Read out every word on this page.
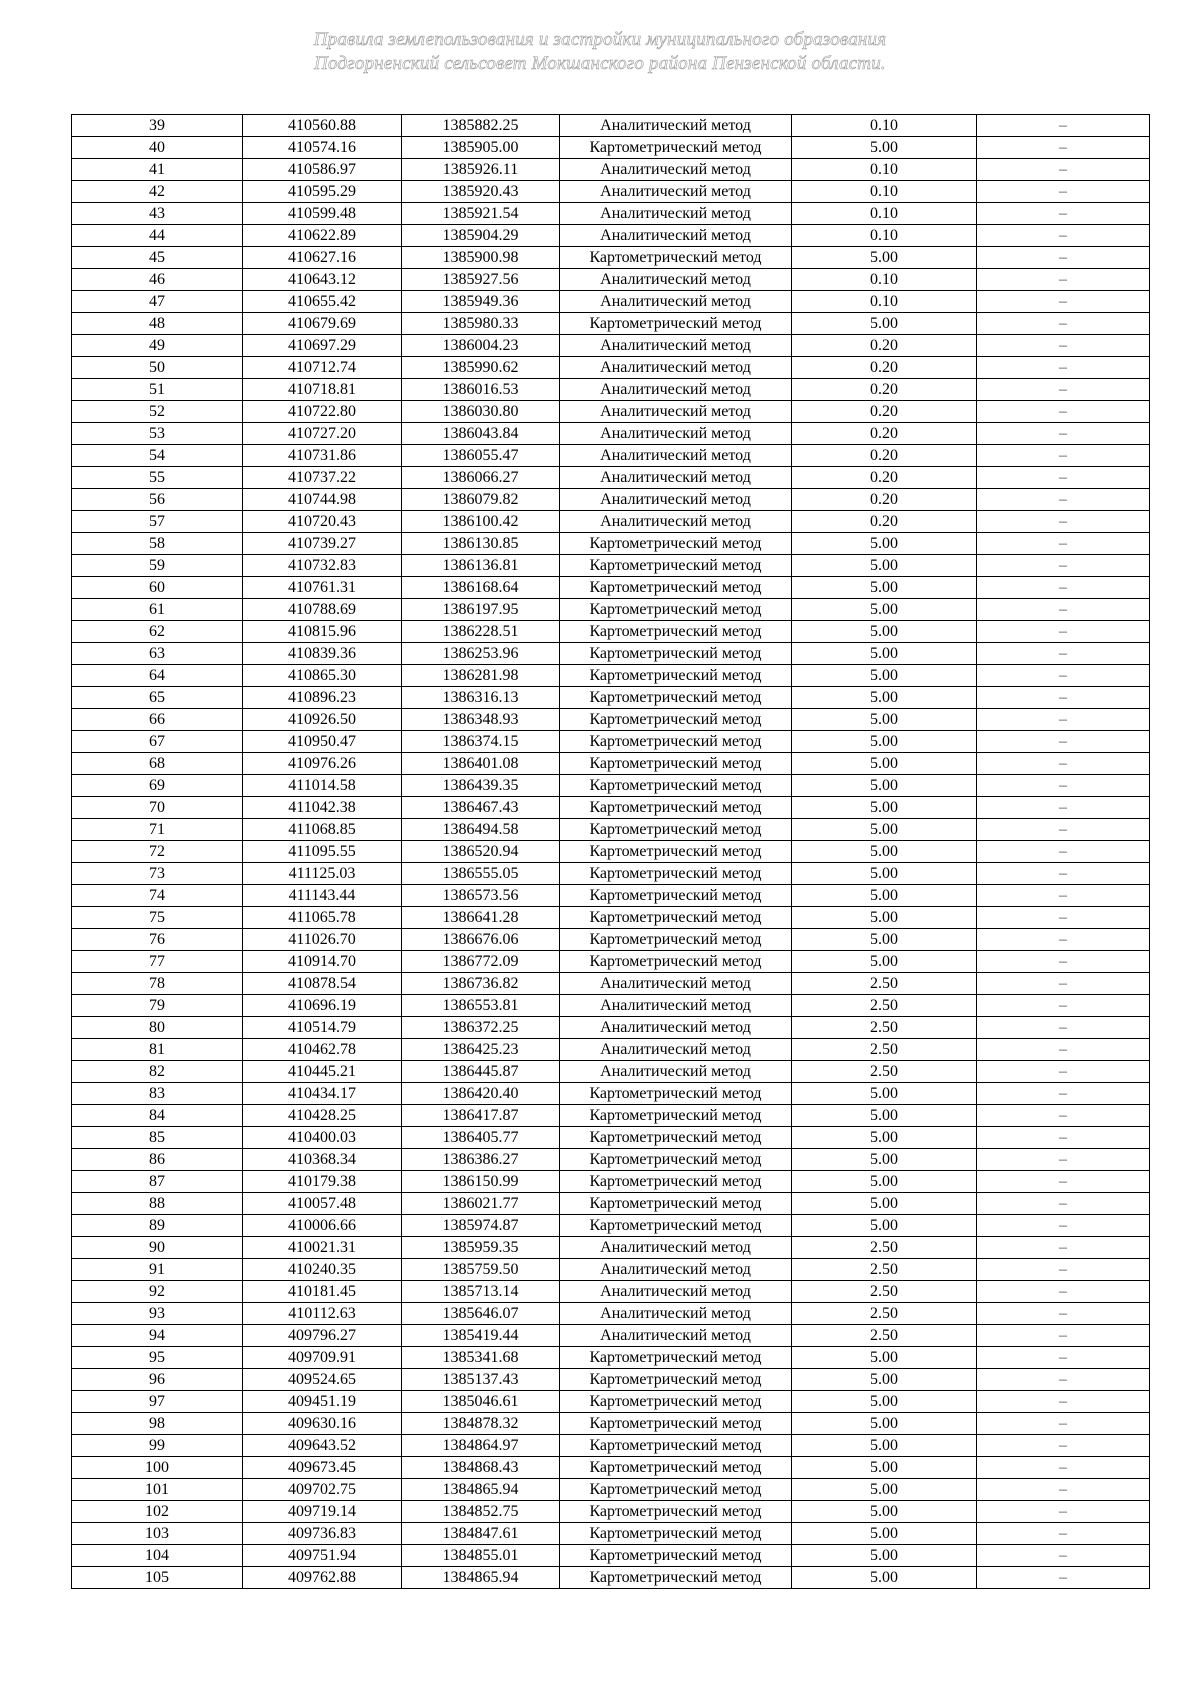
Правила землепользования и застройки муниципального образования
Подгорненский сельсовет Мокшанского района Пензенской области.
39	410560.88	1385882.25	Аналитический метод	0.10	–
40	410574.16	1385905.00	Картометрический метод	5.00	–
41	410586.97	1385926.11	Аналитический метод	0.10	–
42	410595.29	1385920.43	Аналитический метод	0.10	–
43	410599.48	1385921.54	Аналитический метод	0.10	–
44	410622.89	1385904.29	Аналитический метод	0.10	–
45	410627.16	1385900.98	Картометрический метод	5.00	–
46	410643.12	1385927.56	Аналитический метод	0.10	–
47	410655.42	1385949.36	Аналитический метод	0.10	–
48	410679.69	1385980.33	Картометрический метод	5.00	–
49	410697.29	1386004.23	Аналитический метод	0.20	–
50	410712.74	1385990.62	Аналитический метод	0.20	–
51	410718.81	1386016.53	Аналитический метод	0.20	–
52	410722.80	1386030.80	Аналитический метод	0.20	–
53	410727.20	1386043.84	Аналитический метод	0.20	–
54	410731.86	1386055.47	Аналитический метод	0.20	–
55	410737.22	1386066.27	Аналитический метод	0.20	–
56	410744.98	1386079.82	Аналитический метод	0.20	–
57	410720.43	1386100.42	Аналитический метод	0.20	–
58	410739.27	1386130.85	Картометрический метод	5.00	–
59	410732.83	1386136.81	Картометрический метод	5.00	–
60	410761.31	1386168.64	Картометрический метод	5.00	–
61	410788.69	1386197.95	Картометрический метод	5.00	–
62	410815.96	1386228.51	Картометрический метод	5.00	–
63	410839.36	1386253.96	Картометрический метод	5.00	–
64	410865.30	1386281.98	Картометрический метод	5.00	–
65	410896.23	1386316.13	Картометрический метод	5.00	–
66	410926.50	1386348.93	Картометрический метод	5.00	–
67	410950.47	1386374.15	Картометрический метод	5.00	–
68	410976.26	1386401.08	Картометрический метод	5.00	–
69	411014.58	1386439.35	Картометрический метод	5.00	–
70	411042.38	1386467.43	Картометрический метод	5.00	–
71	411068.85	1386494.58	Картометрический метод	5.00	–
72	411095.55	1386520.94	Картометрический метод	5.00	–
73	411125.03	1386555.05	Картометрический метод	5.00	–
74	411143.44	1386573.56	Картометрический метод	5.00	–
75	411065.78	1386641.28	Картометрический метод	5.00	–
76	411026.70	1386676.06	Картометрический метод	5.00	–
77	410914.70	1386772.09	Картометрический метод	5.00	–
78	410878.54	1386736.82	Аналитический метод	2.50	–
79	410696.19	1386553.81	Аналитический метод	2.50	–
80	410514.79	1386372.25	Аналитический метод	2.50	–
81	410462.78	1386425.23	Аналитический метод	2.50	–
82	410445.21	1386445.87	Аналитический метод	2.50	–
83	410434.17	1386420.40	Картометрический метод	5.00	–
84	410428.25	1386417.87	Картометрический метод	5.00	–
85	410400.03	1386405.77	Картометрический метод	5.00	–
86	410368.34	1386386.27	Картометрический метод	5.00	–
87	410179.38	1386150.99	Картометрический метод	5.00	–
88	410057.48	1386021.77	Картометрический метод	5.00	–
89	410006.66	1385974.87	Картометрический метод	5.00	–
90	410021.31	1385959.35	Аналитический метод	2.50	–
91	410240.35	1385759.50	Аналитический метод	2.50	–
92	410181.45	1385713.14	Аналитический метод	2.50	–
93	410112.63	1385646.07	Аналитический метод	2.50	–
94	409796.27	1385419.44	Аналитический метод	2.50	–
95	409709.91	1385341.68	Картометрический метод	5.00	–
96	409524.65	1385137.43	Картометрический метод	5.00	–
97	409451.19	1385046.61	Картометрический метод	5.00	–
98	409630.16	1384878.32	Картометрический метод	5.00	–
99	409643.52	1384864.97	Картометрический метод	5.00	–
100	409673.45	1384868.43	Картометрический метод	5.00	–
101	409702.75	1384865.94	Картометрический метод	5.00	–
102	409719.14	1384852.75	Картометрический метод	5.00	–
103	409736.83	1384847.61	Картометрический метод	5.00	–
104	409751.94	1384855.01	Картометрический метод	5.00	–
105	409762.88	1384865.94	Картометрический метод	5.00	–
